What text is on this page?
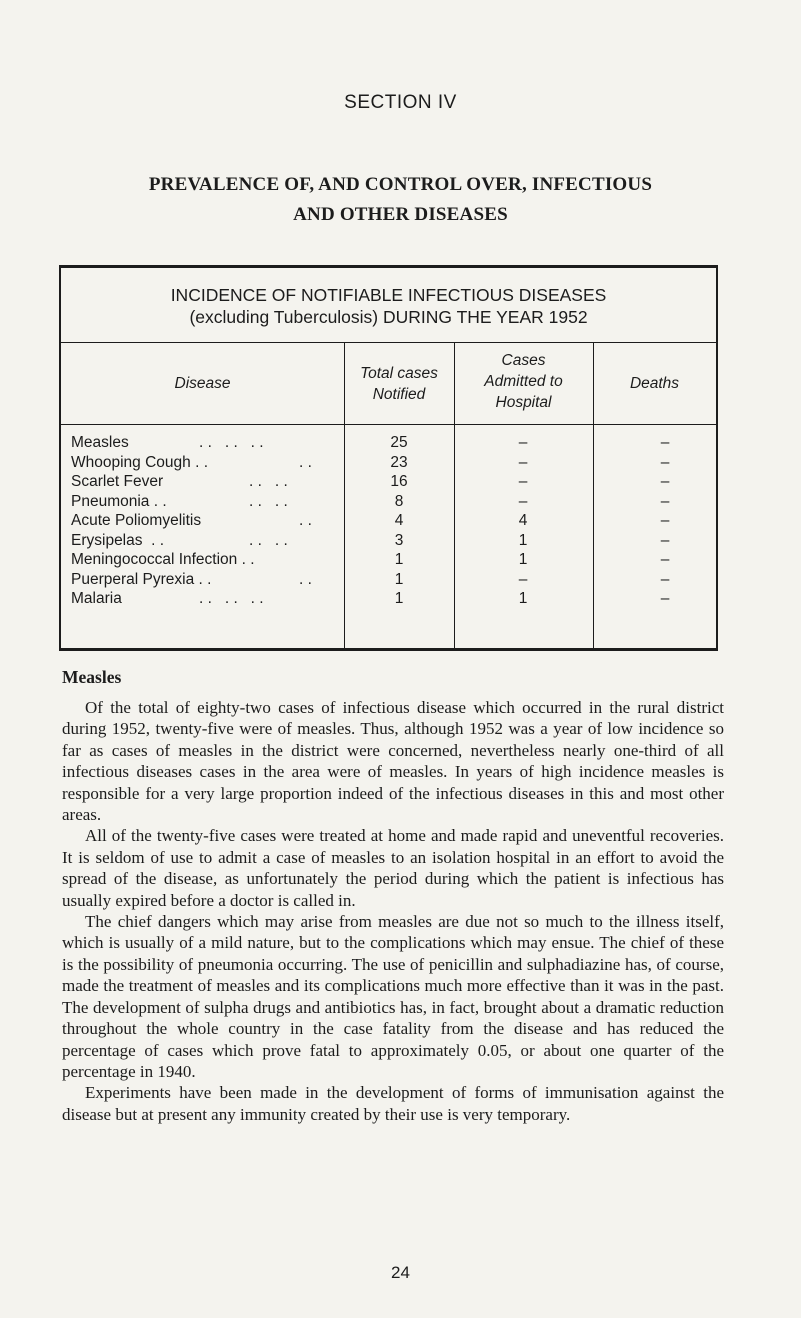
SECTION IV
PREVALENCE OF, AND CONTROL OVER, INFECTIOUS
AND OTHER DISEASES
INCIDENCE OF NOTIFIABLE INFECTIOUS DISEASES
(excluding Tuberculosis) DURING THE YEAR 1952
Disease
Total cases
Notified
Cases
Admitted to
Hospital
Deaths
Measles	. .   . .   . .	25	–	–
Whooping Cough . .	. .	23	–	–
Scarlet Fever	. .   . .	16	–	–
Pneumonia . .	. .   . .	8	–	–
Acute Poliomyelitis	. .	4	4	–
Erysipelas  . .	. .   . .	3	1	–
Meningococcal Infection . .	1	1	–
Puerperal Pyrexia . .	. .	1	–	–
Malaria	. .   . .   . .	1	1	–
Measles

Of the total of eighty-two cases of infectious disease which occurred in the rural district during 1952, twenty-five were of measles. Thus, although 1952 was a year of low incidence so far as cases of measles in the district were concerned, nevertheless nearly one-third of all infectious diseases cases in the area were of measles. In years of high incidence measles is responsible for a very large proportion indeed of the infectious diseases in this and most other areas.

All of the twenty-five cases were treated at home and made rapid and uneventful recoveries. It is seldom of use to admit a case of measles to an isolation hospital in an effort to avoid the spread of the disease, as unfortunately the period during which the patient is infectious has usually expired before a doctor is called in.

The chief dangers which may arise from measles are due not so much to the illness itself, which is usually of a mild nature, but to the complications which may ensue. The chief of these is the possibility of pneumonia occurring. The use of penicillin and sulphadiazine has, of course, made the treatment of measles and its complications much more effective than it was in the past. The development of sulpha drugs and antibiotics has, in fact, brought about a dramatic reduction throughout the whole country in the case fatality from the disease and has reduced the percentage of cases which prove fatal to approximately 0.05, or about one quarter of the percentage in 1940.

Experiments have been made in the development of forms of immunisation against the disease but at present any immunity created by their use is very temporary.

24
